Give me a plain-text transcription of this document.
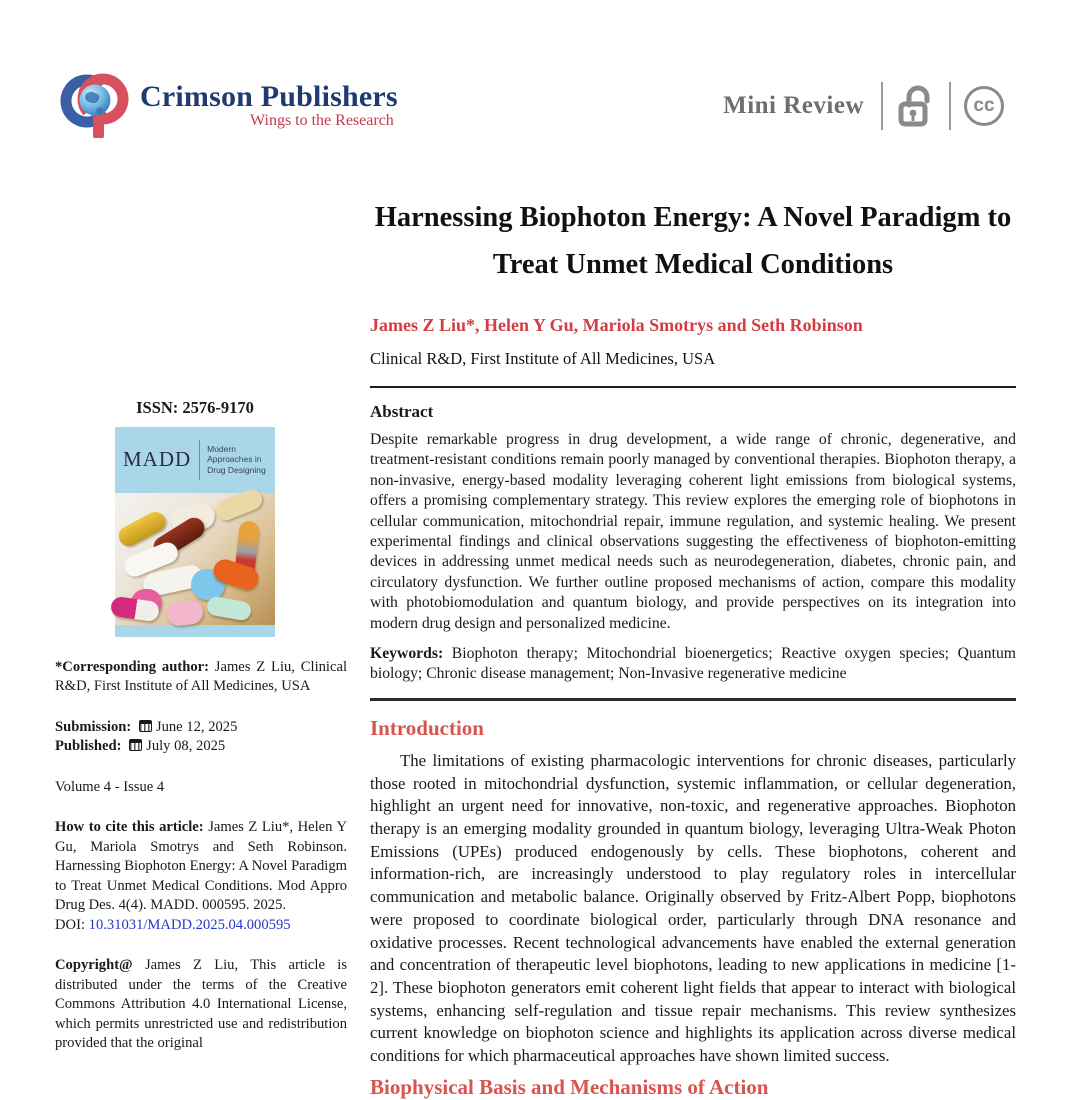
Crimson Publishers
Wings to the Research
Mini Review	cc
ISSN: 2576-9170
MADD Modern Approaches in Drug Designing

*Corresponding author: James Z Liu, Clinical R&D, First Institute of All Medicines, USA

Submission: June 12, 2025
Published: July 08, 2025

Volume 4 - Issue 4

How to cite this article: James Z Liu*, Helen Y Gu, Mariola Smotrys and Seth Robinson. Harnessing Biophoton Energy: A Novel Paradigm to Treat Unmet Medical Conditions. Mod Appro Drug Des. 4(4). MADD. 000595. 2025.

DOI: 10.31031/MADD.2025.04.000595

Copyright@ James Z Liu, This article is distributed under the terms of the Creative Commons Attribution 4.0 International License, which permits unrestricted use and redistribution provided that the original

Harnessing Biophoton Energy: A Novel Paradigm to Treat Unmet Medical Conditions
James Z Liu*, Helen Y Gu, Mariola Smotrys and Seth Robinson
Clinical R&D, First Institute of All Medicines, USA
Abstract

Despite remarkable progress in drug development, a wide range of chronic, degenerative, and treatment-resistant conditions remain poorly managed by conventional therapies. Biophoton therapy, a non-invasive, energy-based modality leveraging coherent light emissions from biological systems, offers a promising complementary strategy. This review explores the emerging role of biophotons in cellular communication, mitochondrial repair, immune regulation, and systemic healing. We present experimental findings and clinical observations suggesting the effectiveness of biophoton-emitting devices in addressing unmet medical needs such as neurodegeneration, diabetes, chronic pain, and circulatory dysfunction. We further outline proposed mechanisms of action, compare this modality with photobiomodulation and quantum biology, and provide perspectives on its integration into modern drug design and personalized medicine.

Keywords: Biophoton therapy; Mitochondrial bioenergetics; Reactive oxygen species; Quantum biology; Chronic disease management; Non-Invasive regenerative medicine

Introduction

The limitations of existing pharmacologic interventions for chronic diseases, particularly those rooted in mitochondrial dysfunction, systemic inflammation, or cellular degeneration, highlight an urgent need for innovative, non-toxic, and regenerative approaches. Biophoton therapy is an emerging modality grounded in quantum biology, leveraging Ultra-Weak Photon Emissions (UPEs) produced endogenously by cells. These biophotons, coherent and information-rich, are increasingly understood to play regulatory roles in intercellular communication and metabolic balance. Originally observed by Fritz-Albert Popp, biophotons were proposed to coordinate biological order, particularly through DNA resonance and oxidative processes. Recent technological advancements have enabled the external generation and concentration of therapeutic level biophotons, leading to new applications in medicine [1-2]. These biophoton generators emit coherent light fields that appear to interact with biological systems, enhancing self-regulation and tissue repair mechanisms. This review synthesizes current knowledge on biophoton science and highlights its application across diverse medical conditions for which pharmaceutical approaches have shown limited success.

Biophysical Basis and Mechanisms of Action
